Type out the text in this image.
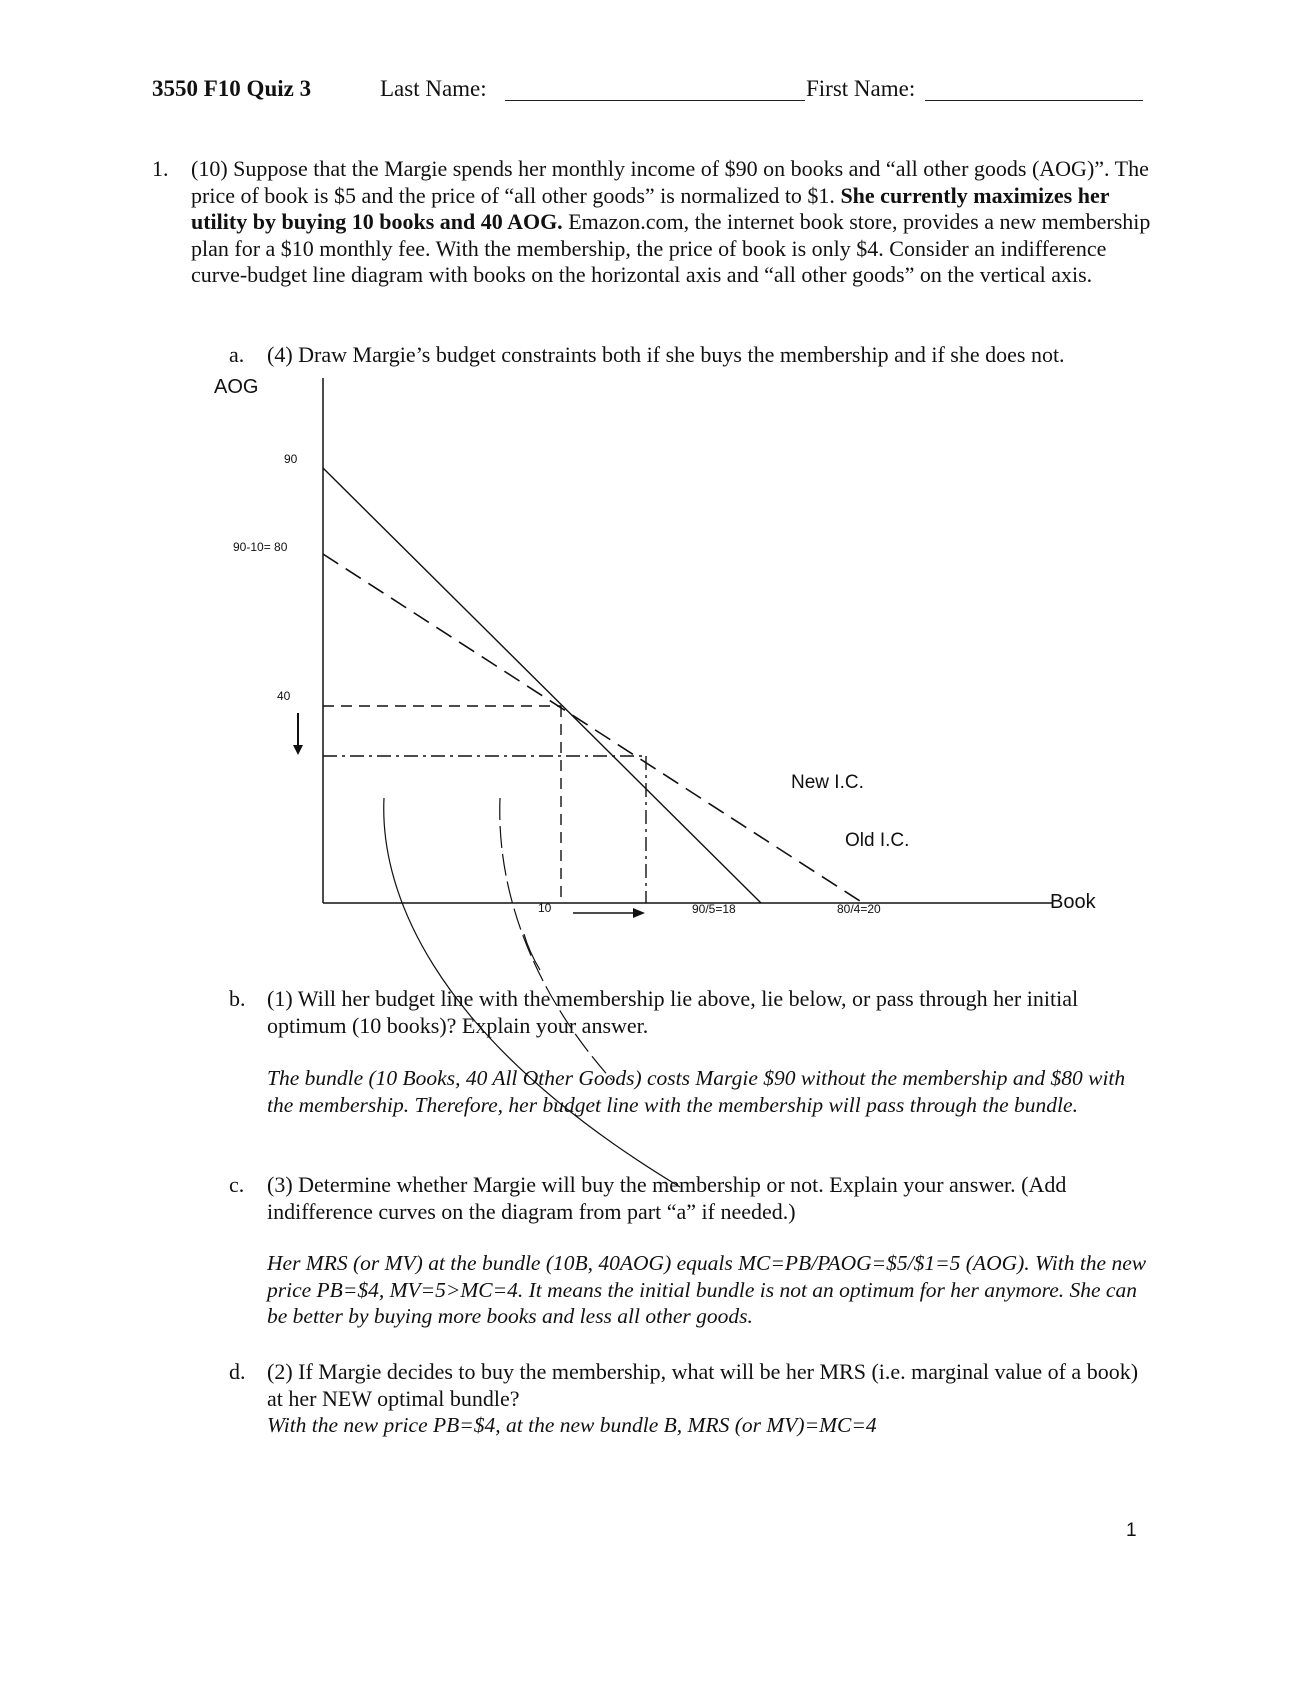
3550 F10 Quiz 3	Last Name:	First Name:
1. (10) Suppose that the Margie spends her monthly income of $90 on books and “all other goods (AOG)”. The price of book is $5 and the price of “all other goods” is normalized to $1. She currently maximizes her utility by buying 10 books and 40 AOG. Emazon.com, the internet book store, provides a new membership plan for a $10 monthly fee. With the membership, the price of book is only $4. Consider an indifference curve-budget line diagram with books on the horizontal axis and “all other goods” on the vertical axis.
a. (4) Draw Margie’s budget constraints both if she buys the membership and if she does not.
AOG
Book
90
90-10= 80
40
10	90/5=18	80/4=20
New I.C.
Old I.C.
b. (1) Will her budget line with the membership lie above, lie below, or pass through her initial optimum (10 books)? Explain your answer.
The bundle (10 Books, 40 All Other Goods) costs Margie $90 without the membership and $80 with the membership. Therefore, her budget line with the membership will pass through the bundle.
c. (3) Determine whether Margie will buy the membership or not. Explain your answer. (Add indifference curves on the diagram from part “a” if needed.)
Her MRS (or MV) at the bundle (10B, 40AOG) equals MC=PB/PAOG=$5/$1=5 (AOG). With the new price PB=$4, MV=5>MC=4. It means the initial bundle is not an optimum for her anymore. She can be better by buying more books and less all other goods.
d. (2) If Margie decides to buy the membership, what will be her MRS (i.e. marginal value of a book) at her NEW optimal bundle?
With the new price PB=$4, at the new bundle B, MRS (or MV)=MC=4
1
